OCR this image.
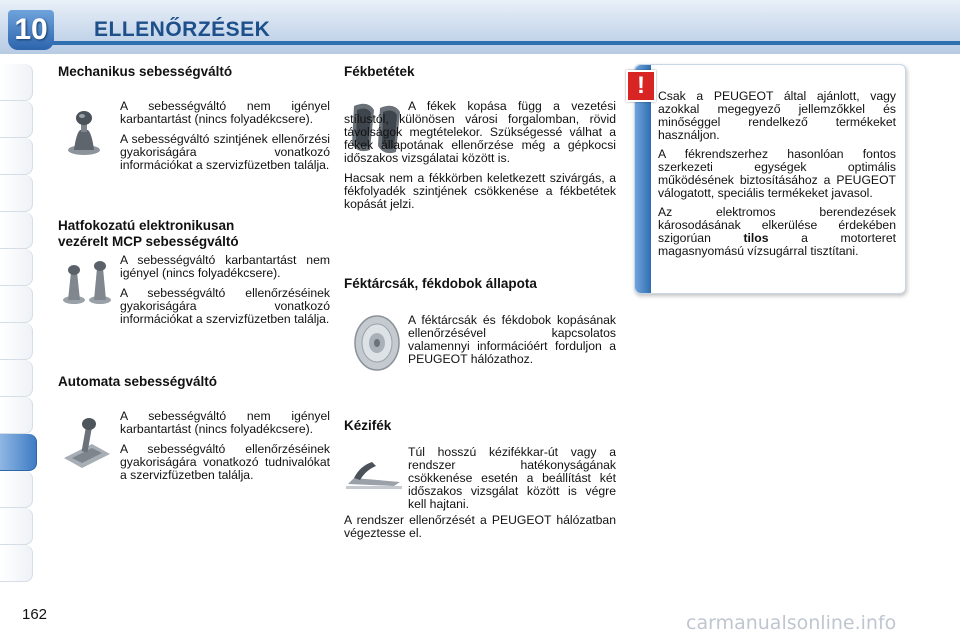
10	ELLENŐRZÉSEK
Mechanikus sebességváltó

A sebességváltó nem igényel karbantartást (nincs folyadékcsere).

A sebességváltó szintjének ellenőrzési gyakoriságára vonatkozó információkat a szervizfüzetben találja.

Hatfokozatú elektronikusan
vezérelt MCP sebességváltó

A sebességváltó karbantartást nem igényel (nincs folyadékcsere).

A sebességváltó ellenőrzéséinek gyakoriságára vonatkozó információkat a szervizfüzetben találja.

Automata sebességváltó

A sebességváltó nem igényel karbantartást (nincs folyadékcsere).

A sebességváltó ellenőrzéséinek gyakoriságára vonatkozó tudnivalókat a szervizfüzetben találja.

Fékbetétek

A fékek kopása függ a vezetési stílustól, különösen városi forgalomban, rövid távolságok megtételekor. Szükségessé válhat a fékek állapotának ellenőrzése még a gépkocsi időszakos vizsgálatai között is.

Hacsak nem a fékkörben keletkezett szivárgás, a fékfolyadék szintjének csökkenése a fékbetétek kopását jelzi.

Féktárcsák, fékdobok állapota

A féktárcsák és fékdobok kopásának ellenőrzésével kapcsolatos valamennyi információért forduljon a PEUGEOT hálózathoz.

Kézifék

Túl hosszú kézifékkar-út vagy a rendszer hatékonyságának csökkenése esetén a beállítást két időszakos vizsgálat között is végre kell hajtani.

A rendszer ellenőrzését a PEUGEOT hálózatban végeztesse el.

!	Csak a PEUGEOT által ajánlott, vagy azokkal megegyező jellemzőkkel és minőséggel rendelkező termékeket használjon.

A fékrendszerhez hasonlóan fontos szerkezeti egységek optimális működésének biztosításához a PEUGEOT válogatott, speciális termékeket javasol.

Az elektromos berendezések károsodásának elkerülése érdekében szigorúan	tilos	a motorteret magasnyomású vízsugárral tisztítani.

162	carmanualsonline.info
